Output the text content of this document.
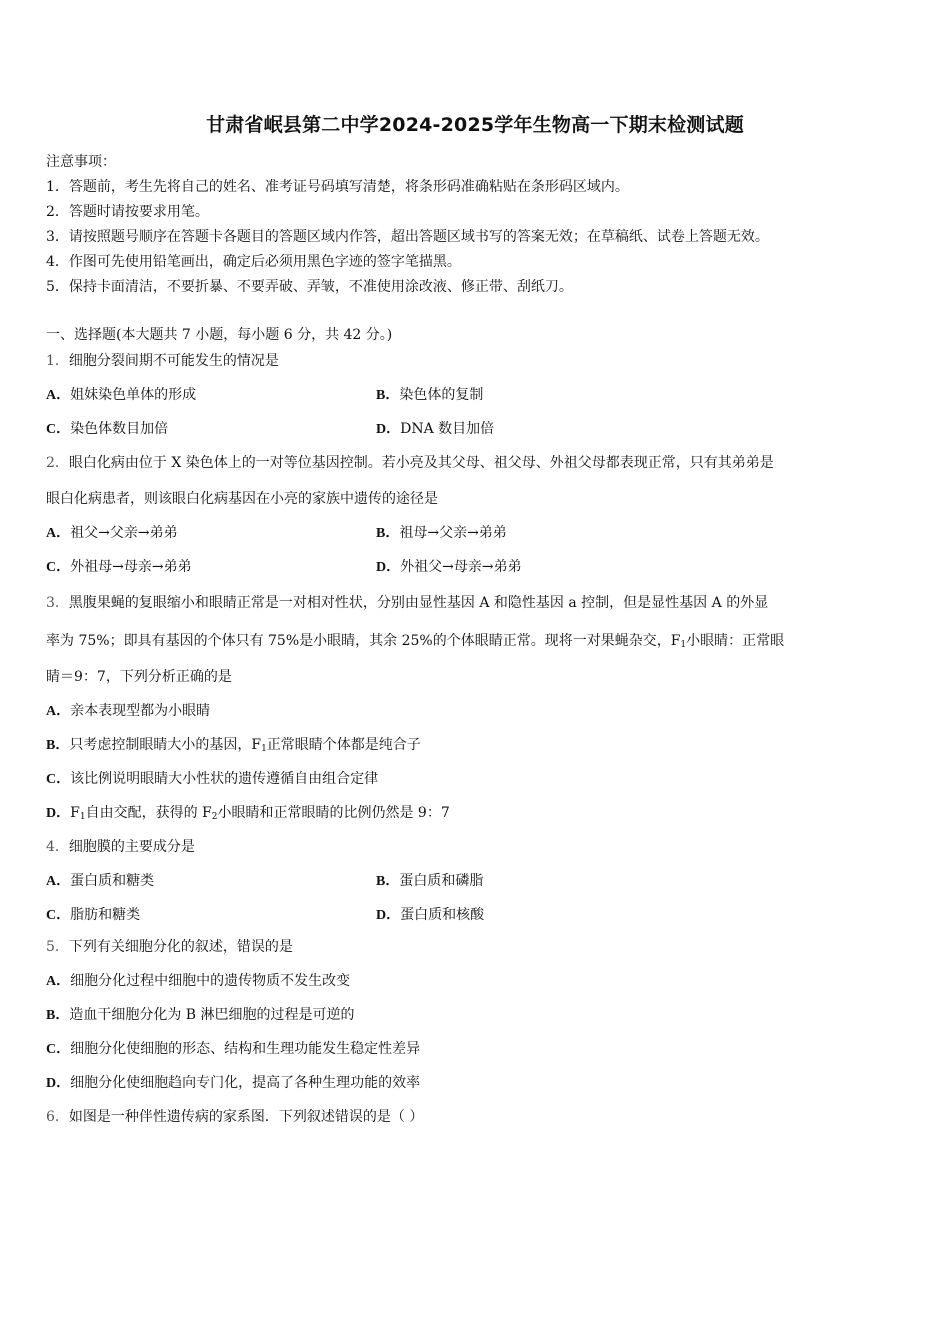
甘肃省岷县第二中学2024-2025学年生物高一下期末检测试题
注意事项：
1．答题前，考生先将自己的姓名、准考证号码填写清楚，将条形码准确粘贴在条形码区域内。
2．答题时请按要求用笔。
3．请按照题号顺序在答题卡各题目的答题区域内作答，超出答题区域书写的答案无效；在草稿纸、试卷上答题无效。
4．作图可先使用铅笔画出，确定后必须用黑色字迹的签字笔描黑。
5．保持卡面清洁，不要折暴、不要弄破、弄皱，不准使用涂改液、修正带、刮纸刀。
一、选择题(本大题共 7 小题，每小题 6 分，共 42 分。)
1．细胞分裂间期不可能发生的情况是
A．姐妹染色单体的形成	B．染色体的复制
C．染色体数目加倍	D．DNA 数目加倍
2．眼白化病由位于 X 染色体上的一对等位基因控制。若小亮及其父母、祖父母、外祖父母都表现正常，只有其弟弟是
眼白化病患者，则该眼白化病基因在小亮的家族中遗传的途径是
A．祖父→父亲→弟弟	B．祖母→父亲→弟弟
C．外祖母→母亲→弟弟	D．外祖父→母亲→弟弟
3．黑腹果蝇的复眼缩小和眼睛正常是一对相对性状，分别由显性基因 A 和隐性基因 a 控制，但是显性基因 A 的外显
率为 75%；即具有基因的个体只有 75%是小眼睛，其余 25%的个体眼睛正常。现将一对果蝇杂交，$F_1$小眼睛：正常眼
睛＝9：7，下列分析正确的是
A．亲本表现型都为小眼睛
B．只考虑控制眼睛大小的基因，$F_1$正常眼睛个体都是纯合子
C．该比例说明眼睛大小性状的遗传遵循自由组合定律
D．$F_1$自由交配，获得的 $F_2$小眼睛和正常眼睛的比例仍然是 9：7
4．细胞膜的主要成分是
A．蛋白质和糖类	B．蛋白质和磷脂
C．脂肪和糖类	D．蛋白质和核酸
5．下列有关细胞分化的叙述，错误的是
A．细胞分化过程中细胞中的遗传物质不发生改变
B．造血干细胞分化为 B 淋巴细胞的过程是可逆的
C．细胞分化使细胞的形态、结构和生理功能发生稳定性差异
D．细胞分化使细胞趋向专门化，提高了各种生理功能的效率
6．如图是一种伴性遗传病的家系图．下列叙述错误的是（ ）
